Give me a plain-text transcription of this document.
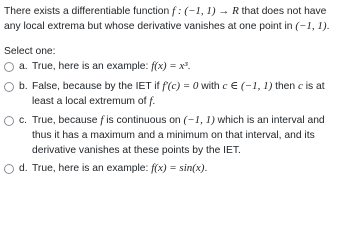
There exists a differentiable function f : (−1, 1) → R that does not have any local extrema but whose derivative vanishes at one point in (−1, 1).

Select one:

a. True, here is an example: f(x) = x³.
b. False, because by the IET if f′(c) = 0 with c ∈ (−1, 1) then c is at least a local extremum of f.
c. True, because f is continuous on (−1, 1) which is an interval and thus it has a maximum and a minimum on that interval, and its derivative vanishes at these points by the IET.
d. True, here is an example: f(x) = sin(x).
